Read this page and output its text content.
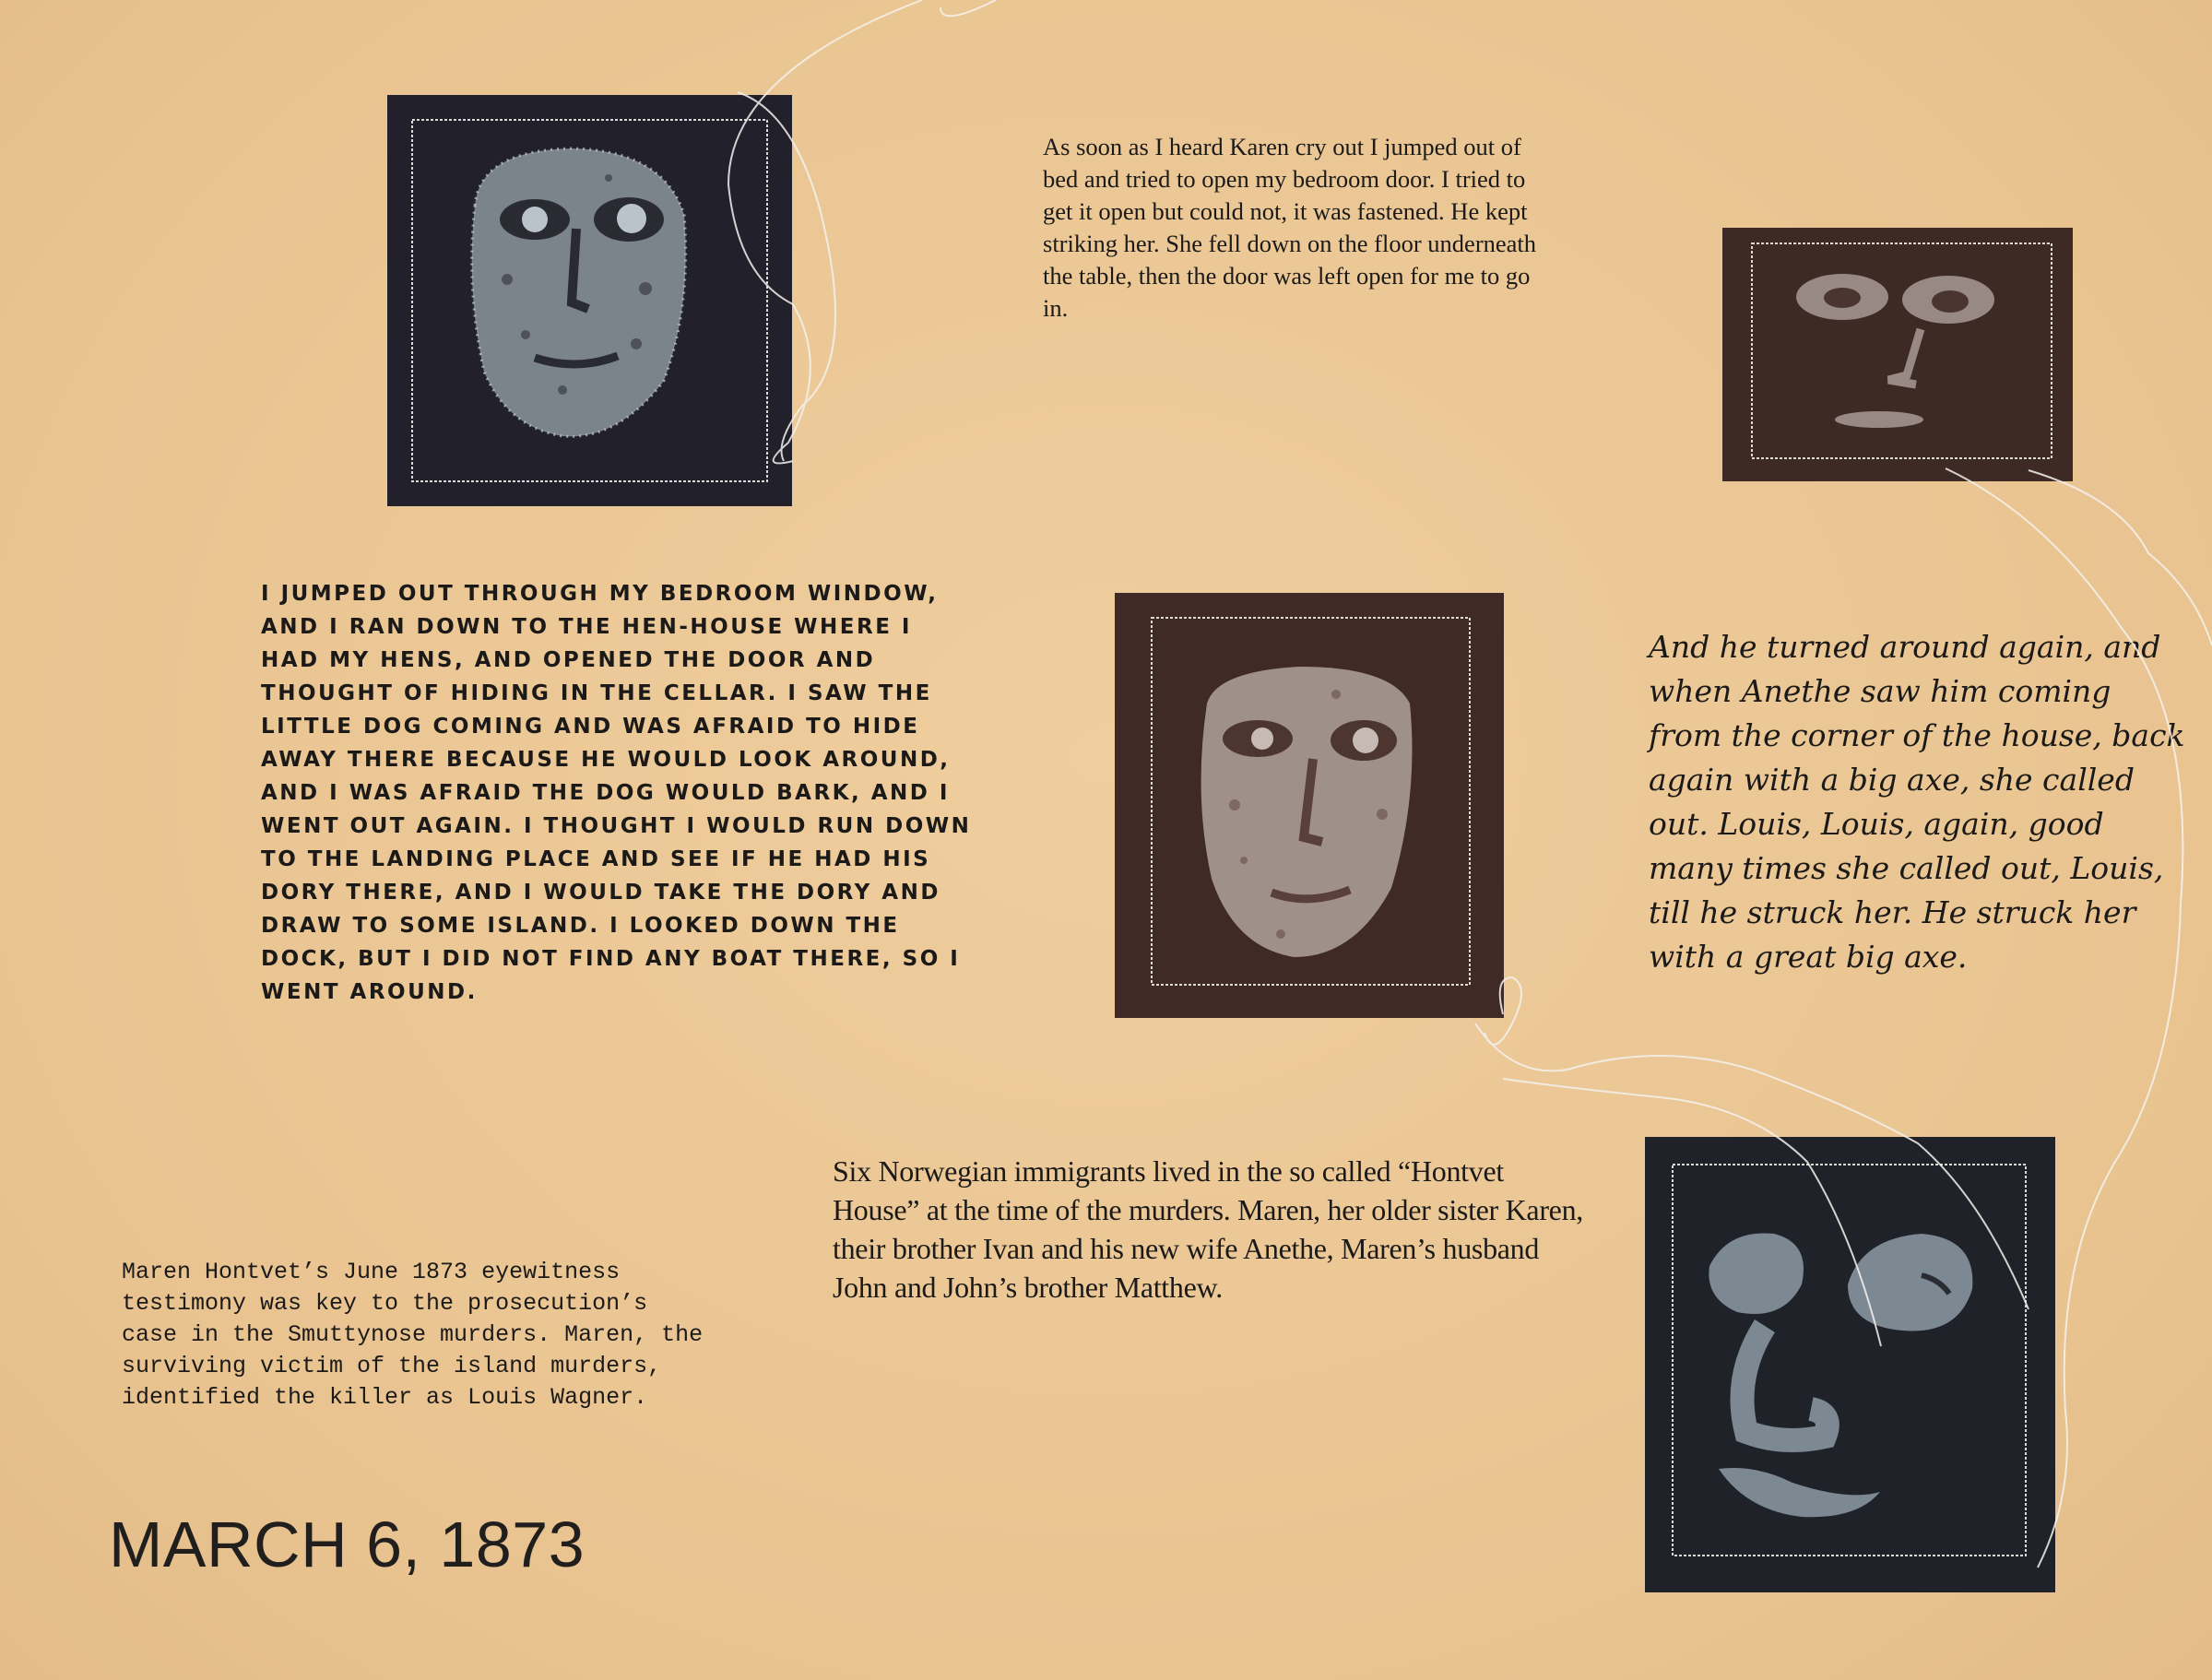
As soon as I heard Karen cry out I jumped out of bed and tried to open my bedroom door. I tried to get it open but could not, it was fastened. He kept striking her. She fell down on the floor underneath the table, then the door was left open for me to go in.

I JUMPED OUT THROUGH MY BEDROOM WINDOW, AND I RAN DOWN TO THE HEN-HOUSE WHERE I HAD MY HENS, AND OPENED THE DOOR AND THOUGHT OF HIDING IN THE CELLAR. I SAW THE LITTLE DOG COMING AND WAS AFRAID TO HIDE AWAY THERE BECAUSE HE WOULD LOOK AROUND, AND I WAS AFRAID THE DOG WOULD BARK, AND I WENT OUT AGAIN. I THOUGHT I WOULD RUN DOWN TO THE LANDING PLACE AND SEE IF HE HAD HIS DORY THERE, AND I WOULD TAKE THE DORY AND DRAW TO SOME ISLAND. I LOOKED DOWN THE DOCK, BUT I DID NOT FIND ANY BOAT THERE, SO I WENT AROUND.

And he turned around again, and when Anethe saw him coming from the corner of the house, back again with a big axe, she called out. Louis, Louis, again, good many times she called out, Louis, till he struck her. He struck her with a great big axe.

Six Norwegian immigrants lived in the so called “Hontvet House” at the time of the murders. Maren, her older sister Karen, their brother Ivan and his new wife Anethe, Maren’s husband John and John’s brother Matthew.

Maren Hontvet’s June 1873 eyewitness testimony was key to the prosecution’s case in the Smuttynose murders. Maren, the surviving victim of the island murders, identified the killer as Louis Wagner.

MARCH 6, 1873
